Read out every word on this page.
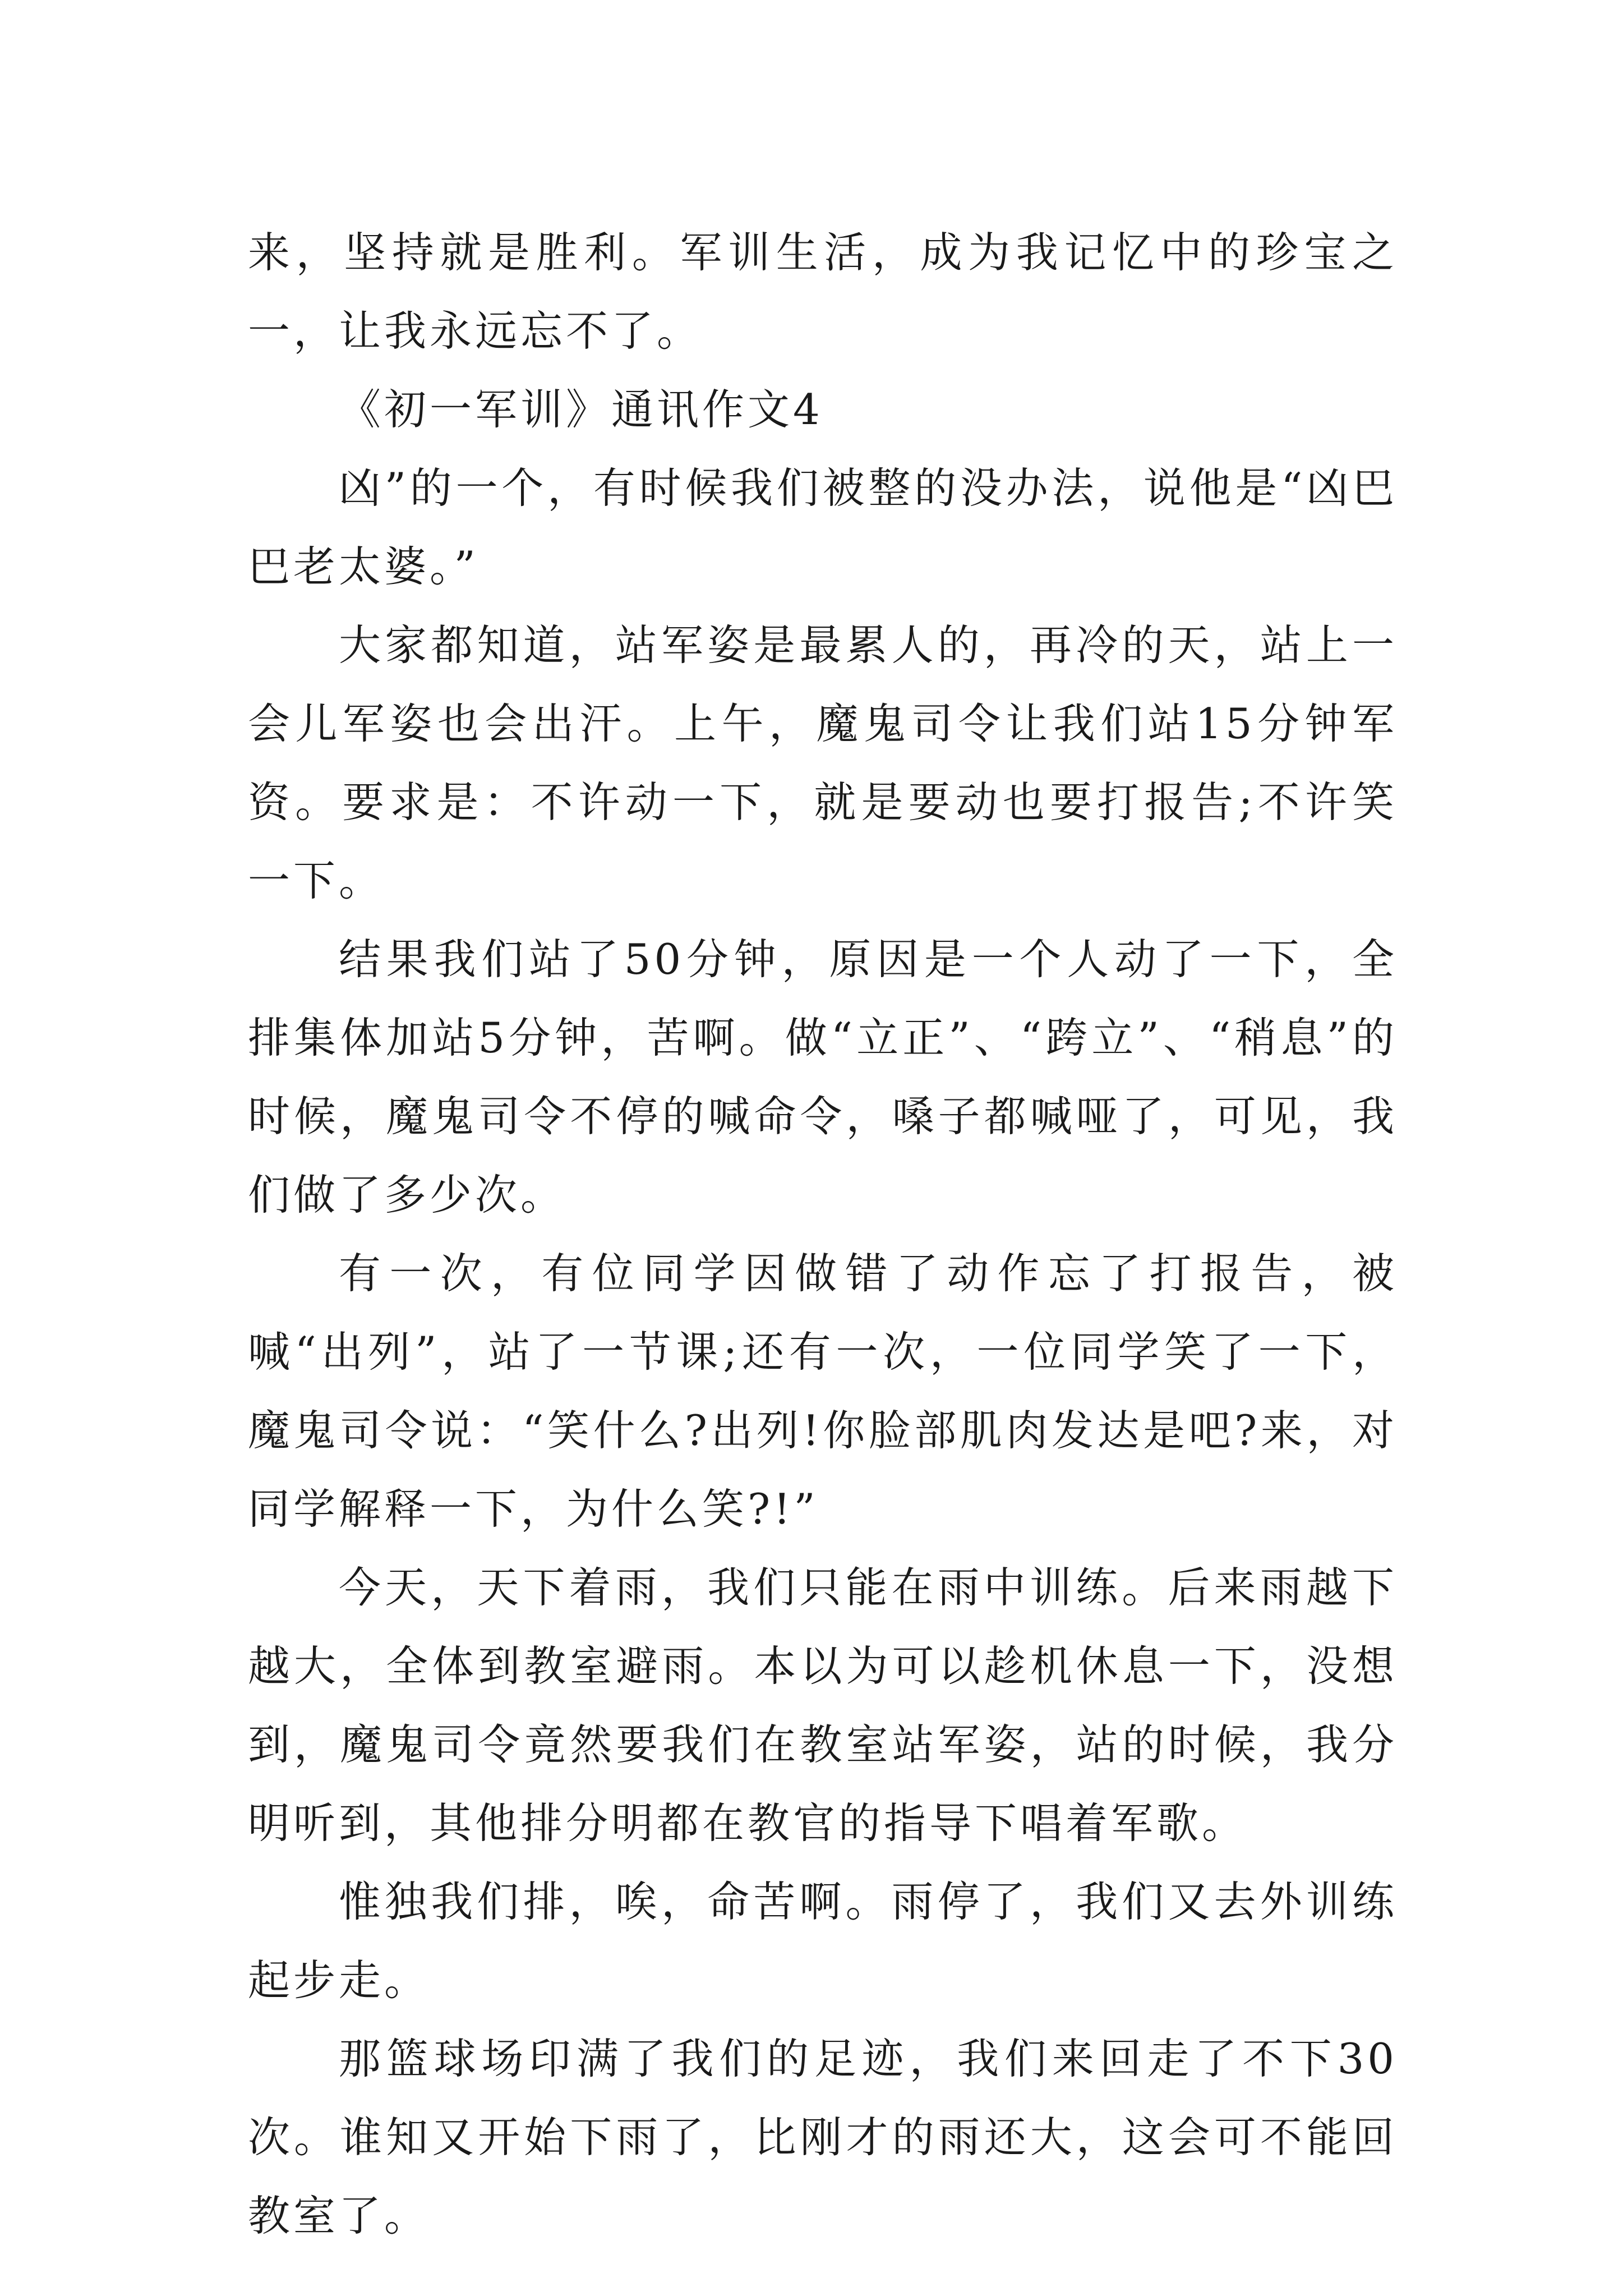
来，坚持就是胜利。军训生活，成为我记忆中的珍宝之一，让我永远忘不了。

《初一军训》通讯作文4

凶”的一个，有时候我们被整的没办法，说他是“凶巴巴老太婆。”

大家都知道，站军姿是最累人的，再冷的天，站上一会儿军姿也会出汗。上午，魔鬼司令让我们站15分钟军资。要求是：不许动一下，就是要动也要打报告;不许笑一下。

结果我们站了50分钟，原因是一个人动了一下，全排集体加站5分钟，苦啊。做“立正”、“跨立”、“稍息”的时候，魔鬼司令不停的喊命令，嗓子都喊哑了，可见，我们做了多少次。

有一次，有位同学因做错了动作忘了打报告，被喊“出列”，站了一节课;还有一次，一位同学笑了一下，魔鬼司令说：“笑什么?出列!你脸部肌肉发达是吧?来，对同学解释一下，为什么笑?!”

今天，天下着雨，我们只能在雨中训练。后来雨越下越大，全体到教室避雨。本以为可以趁机休息一下，没想到，魔鬼司令竟然要我们在教室站军姿，站的时候，我分明听到，其他排分明都在教官的指导下唱着军歌。

惟独我们排，唉，命苦啊。雨停了，我们又去外训练起步走。

那篮球场印满了我们的足迹，我们来回走了不下30次。谁知又开始下雨了，比刚才的雨还大，这会可不能回教室了。
